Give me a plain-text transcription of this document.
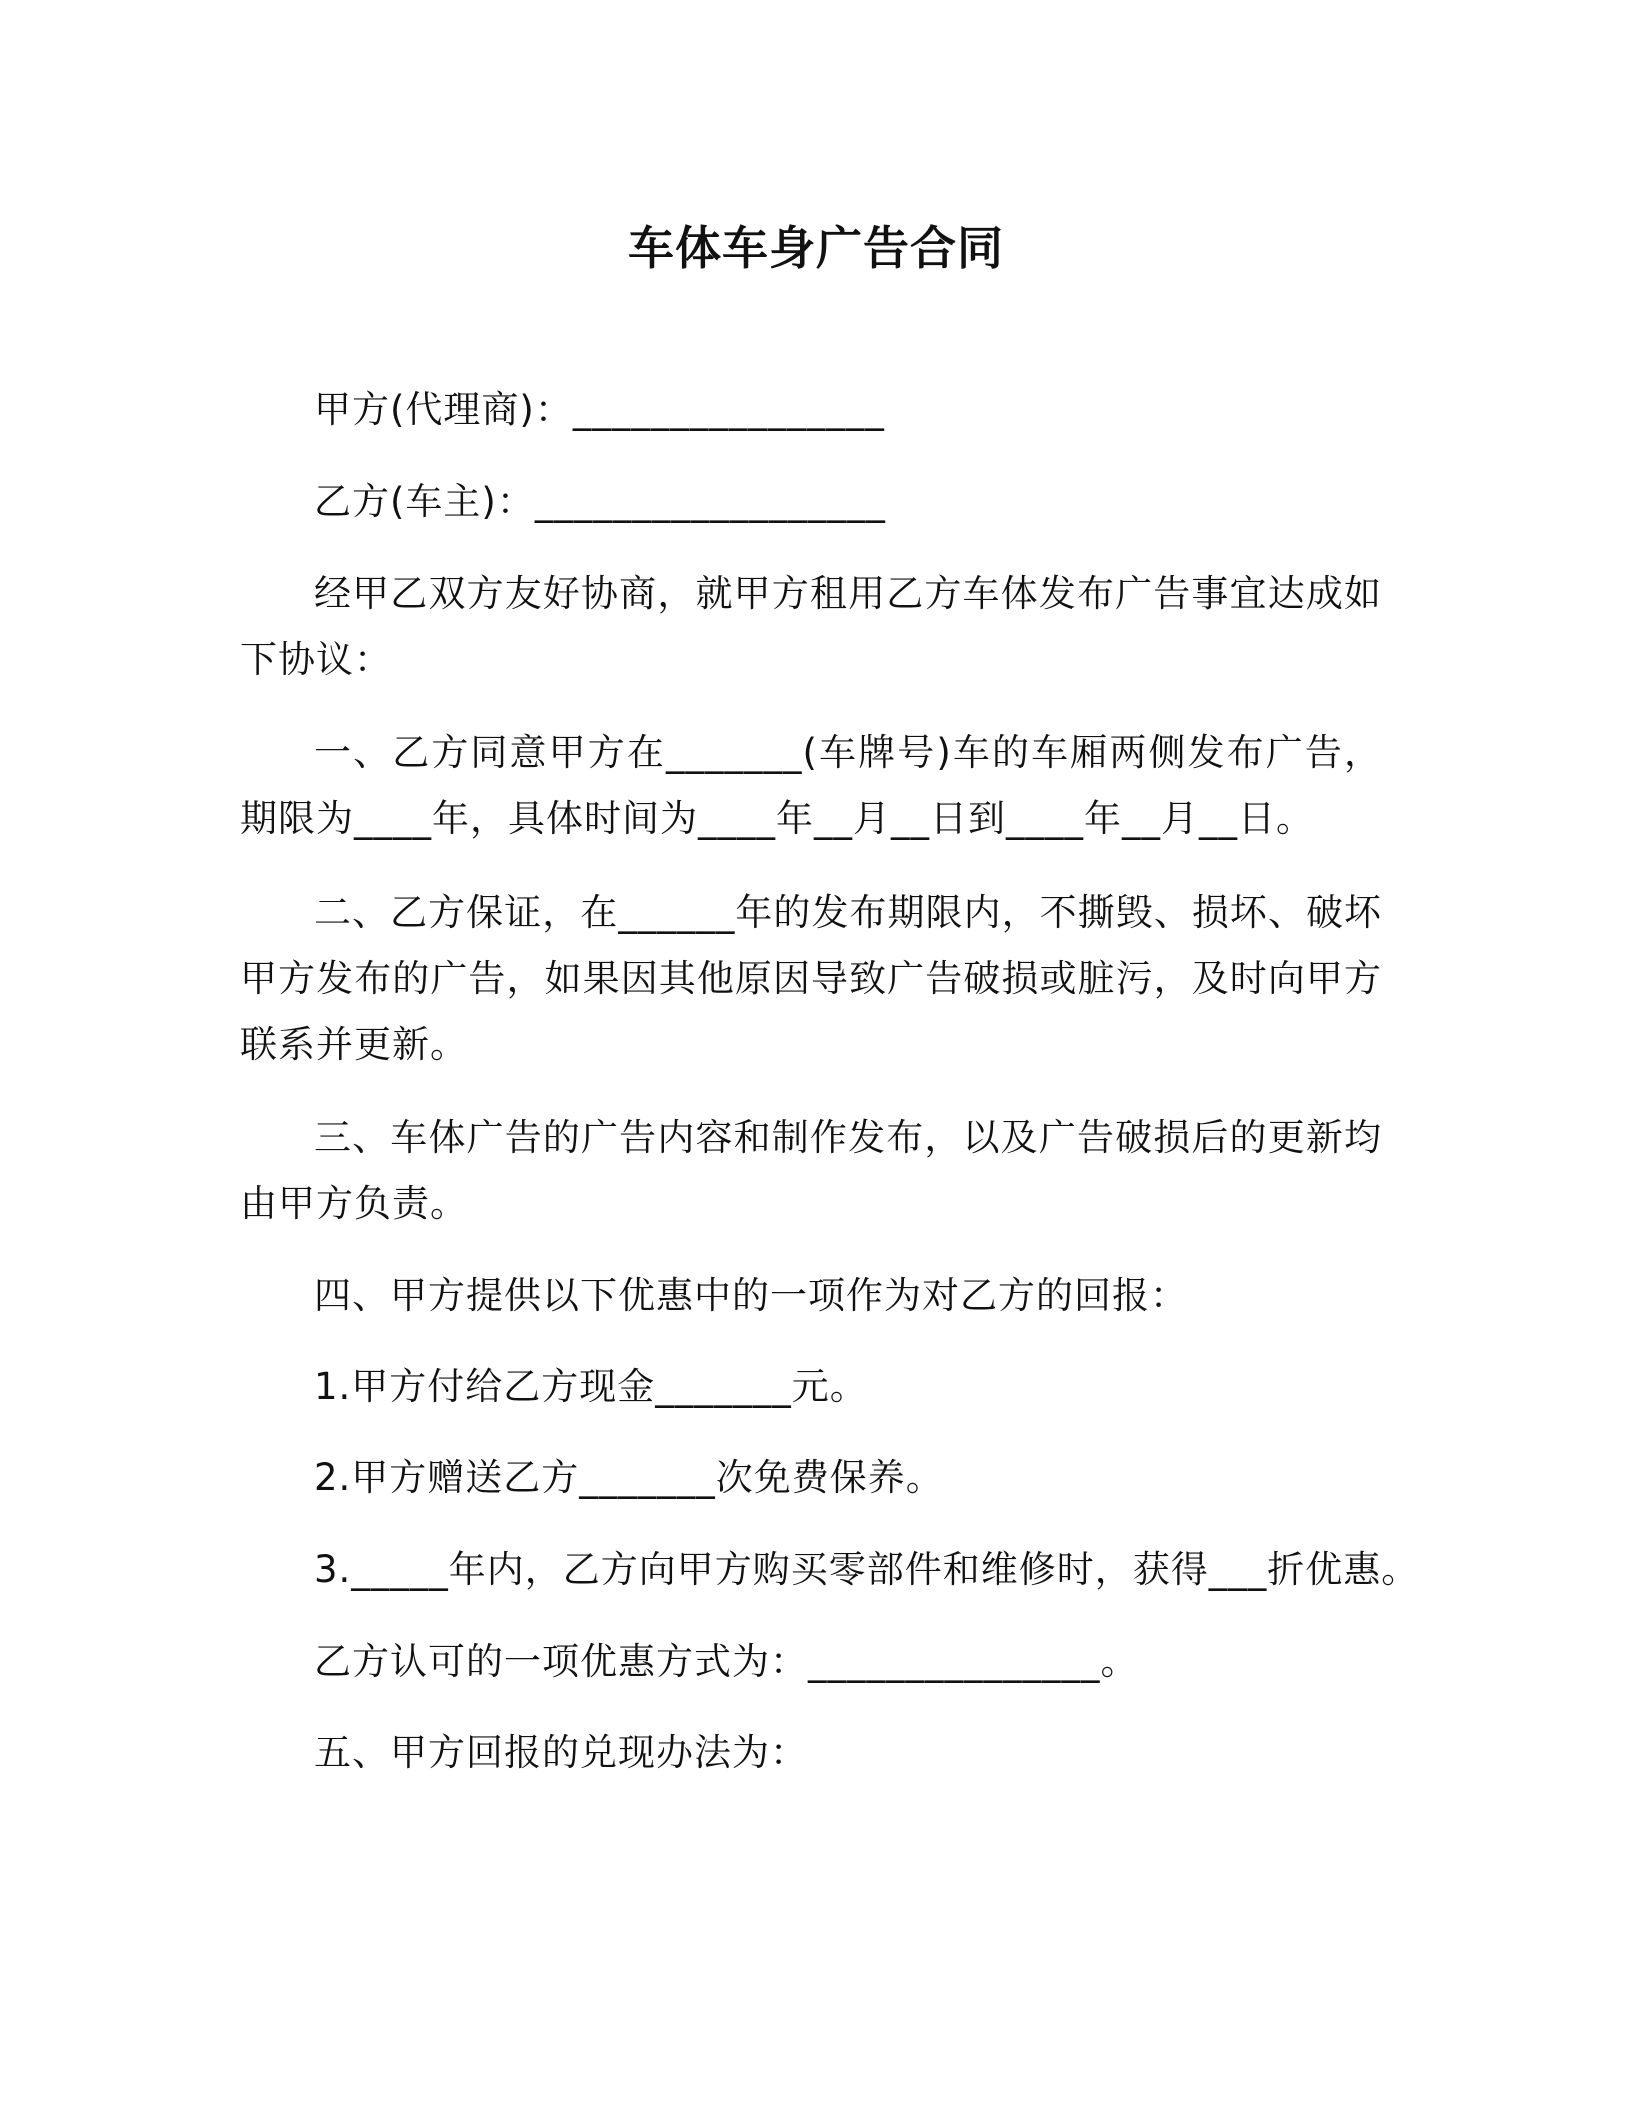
车体车身广告合同
甲方(代理商)：________________
乙方(车主)：__________________
经甲乙双方友好协商，就甲方租用乙方车体发布广告事宜达成如下协议：
一、乙方同意甲方在_______(车牌号)车的车厢两侧发布广告，期限为____年，具体时间为____年__月__日到____年__月__日。
二、乙方保证，在______年的发布期限内，不撕毁、损坏、破坏甲方发布的广告，如果因其他原因导致广告破损或脏污，及时向甲方联系并更新。
三、车体广告的广告内容和制作发布，以及广告破损后的更新均由甲方负责。
四、甲方提供以下优惠中的一项作为对乙方的回报：
1.甲方付给乙方现金_______元。
2.甲方赠送乙方_______次免费保养。
3._____年内，乙方向甲方购买零部件和维修时，获得___折优惠。
乙方认可的一项优惠方式为：_______________。
五、甲方回报的兑现办法为：
